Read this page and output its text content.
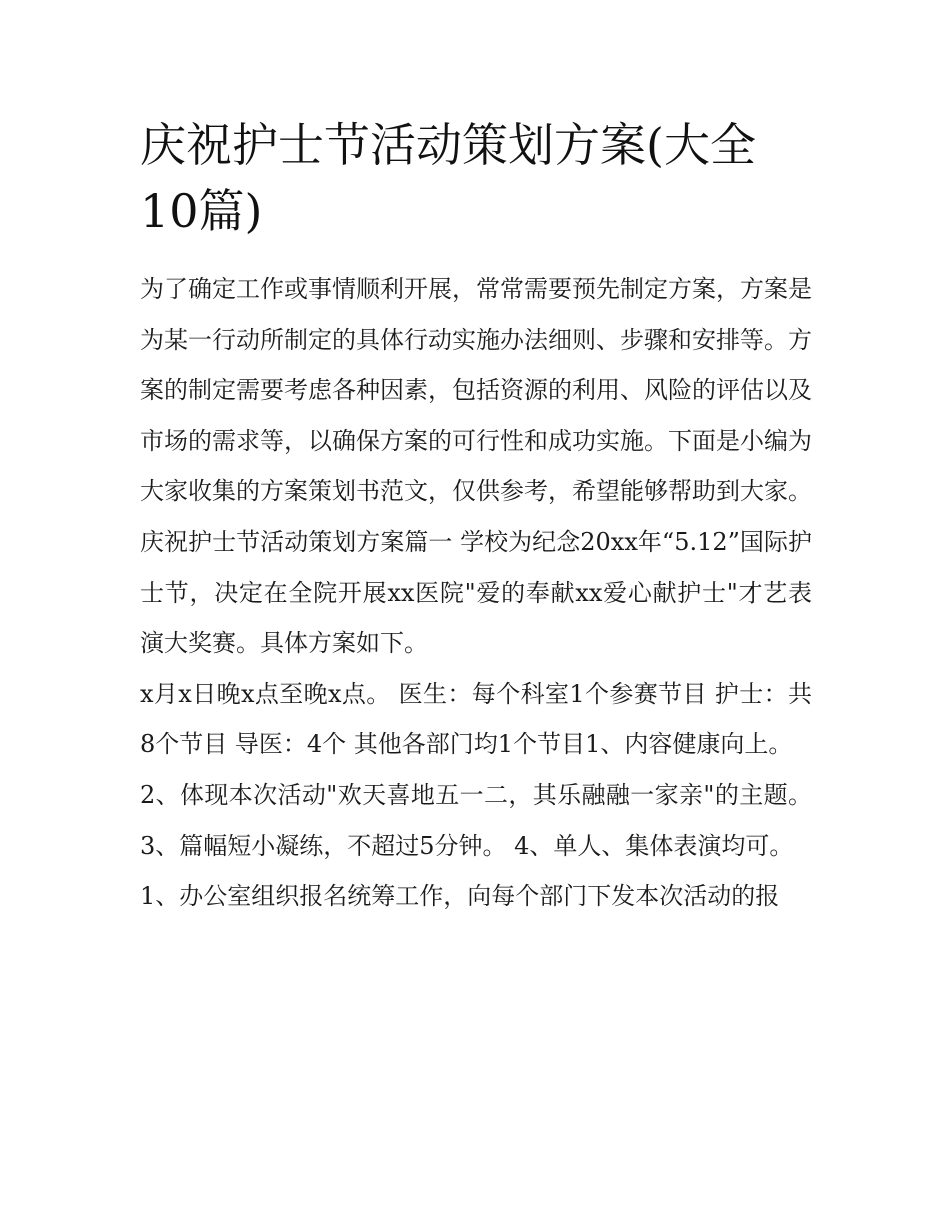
庆祝护士节活动策划方案(大全10篇)

为了确定工作或事情顺利开展，常常需要预先制定方案，方案是为某一行动所制定的具体行动实施办法细则、步骤和安排等。方案的制定需要考虑各种因素，包括资源的利用、风险的评估以及市场的需求等，以确保方案的可行性和成功实施。下面是小编为大家收集的方案策划书范文，仅供参考，希望能够帮助到大家。

庆祝护士节活动策划方案篇一 学校为纪念20xx年“5.12”国际护士节，决定在全院开展xx医院"爱的奉献xx爱心献护士"才艺表演大奖赛。具体方案如下。

x月x日晚x点至晚x点。 医生：每个科室1个参赛节目 护士：共8个节目 导医：4个 其他各部门均1个节目1、内容健康向上。

2、体现本次活动"欢天喜地五一二，其乐融融一家亲"的主题。 3、篇幅短小凝练，不超过5分钟。 4、单人、集体表演均可。

1、办公室组织报名统筹工作，向每个部门下发本次活动的报
